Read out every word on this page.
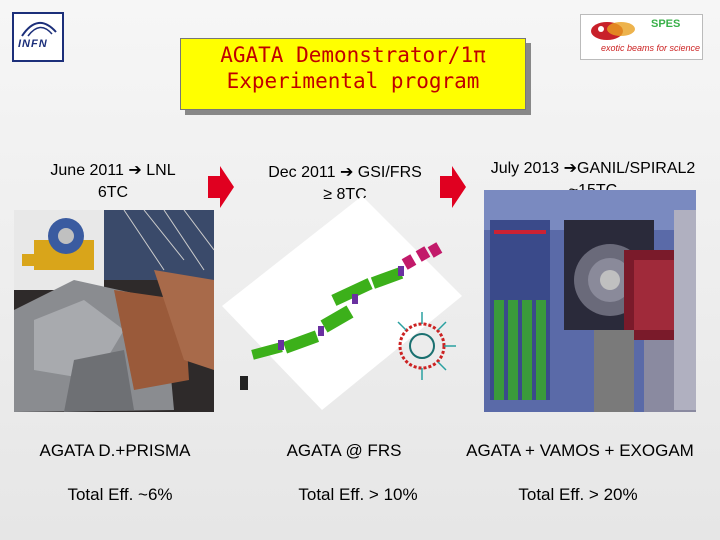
INFN
SPES
exotic beams for science
AGATA Demonstrator/1π
Experimental program
June 2011 ➔ LNL
6TC
Dec 2011 ➔ GSI/FRS
≥ 8TC
July 2013 ➔GANIL/SPIRAL2
AGATA D.+PRISMA	AGATA @ FRS	AGATA + VAMOS + EXOGAM
Total Eff. ~6%	Total Eff. > 10%	Total Eff. > 20%
